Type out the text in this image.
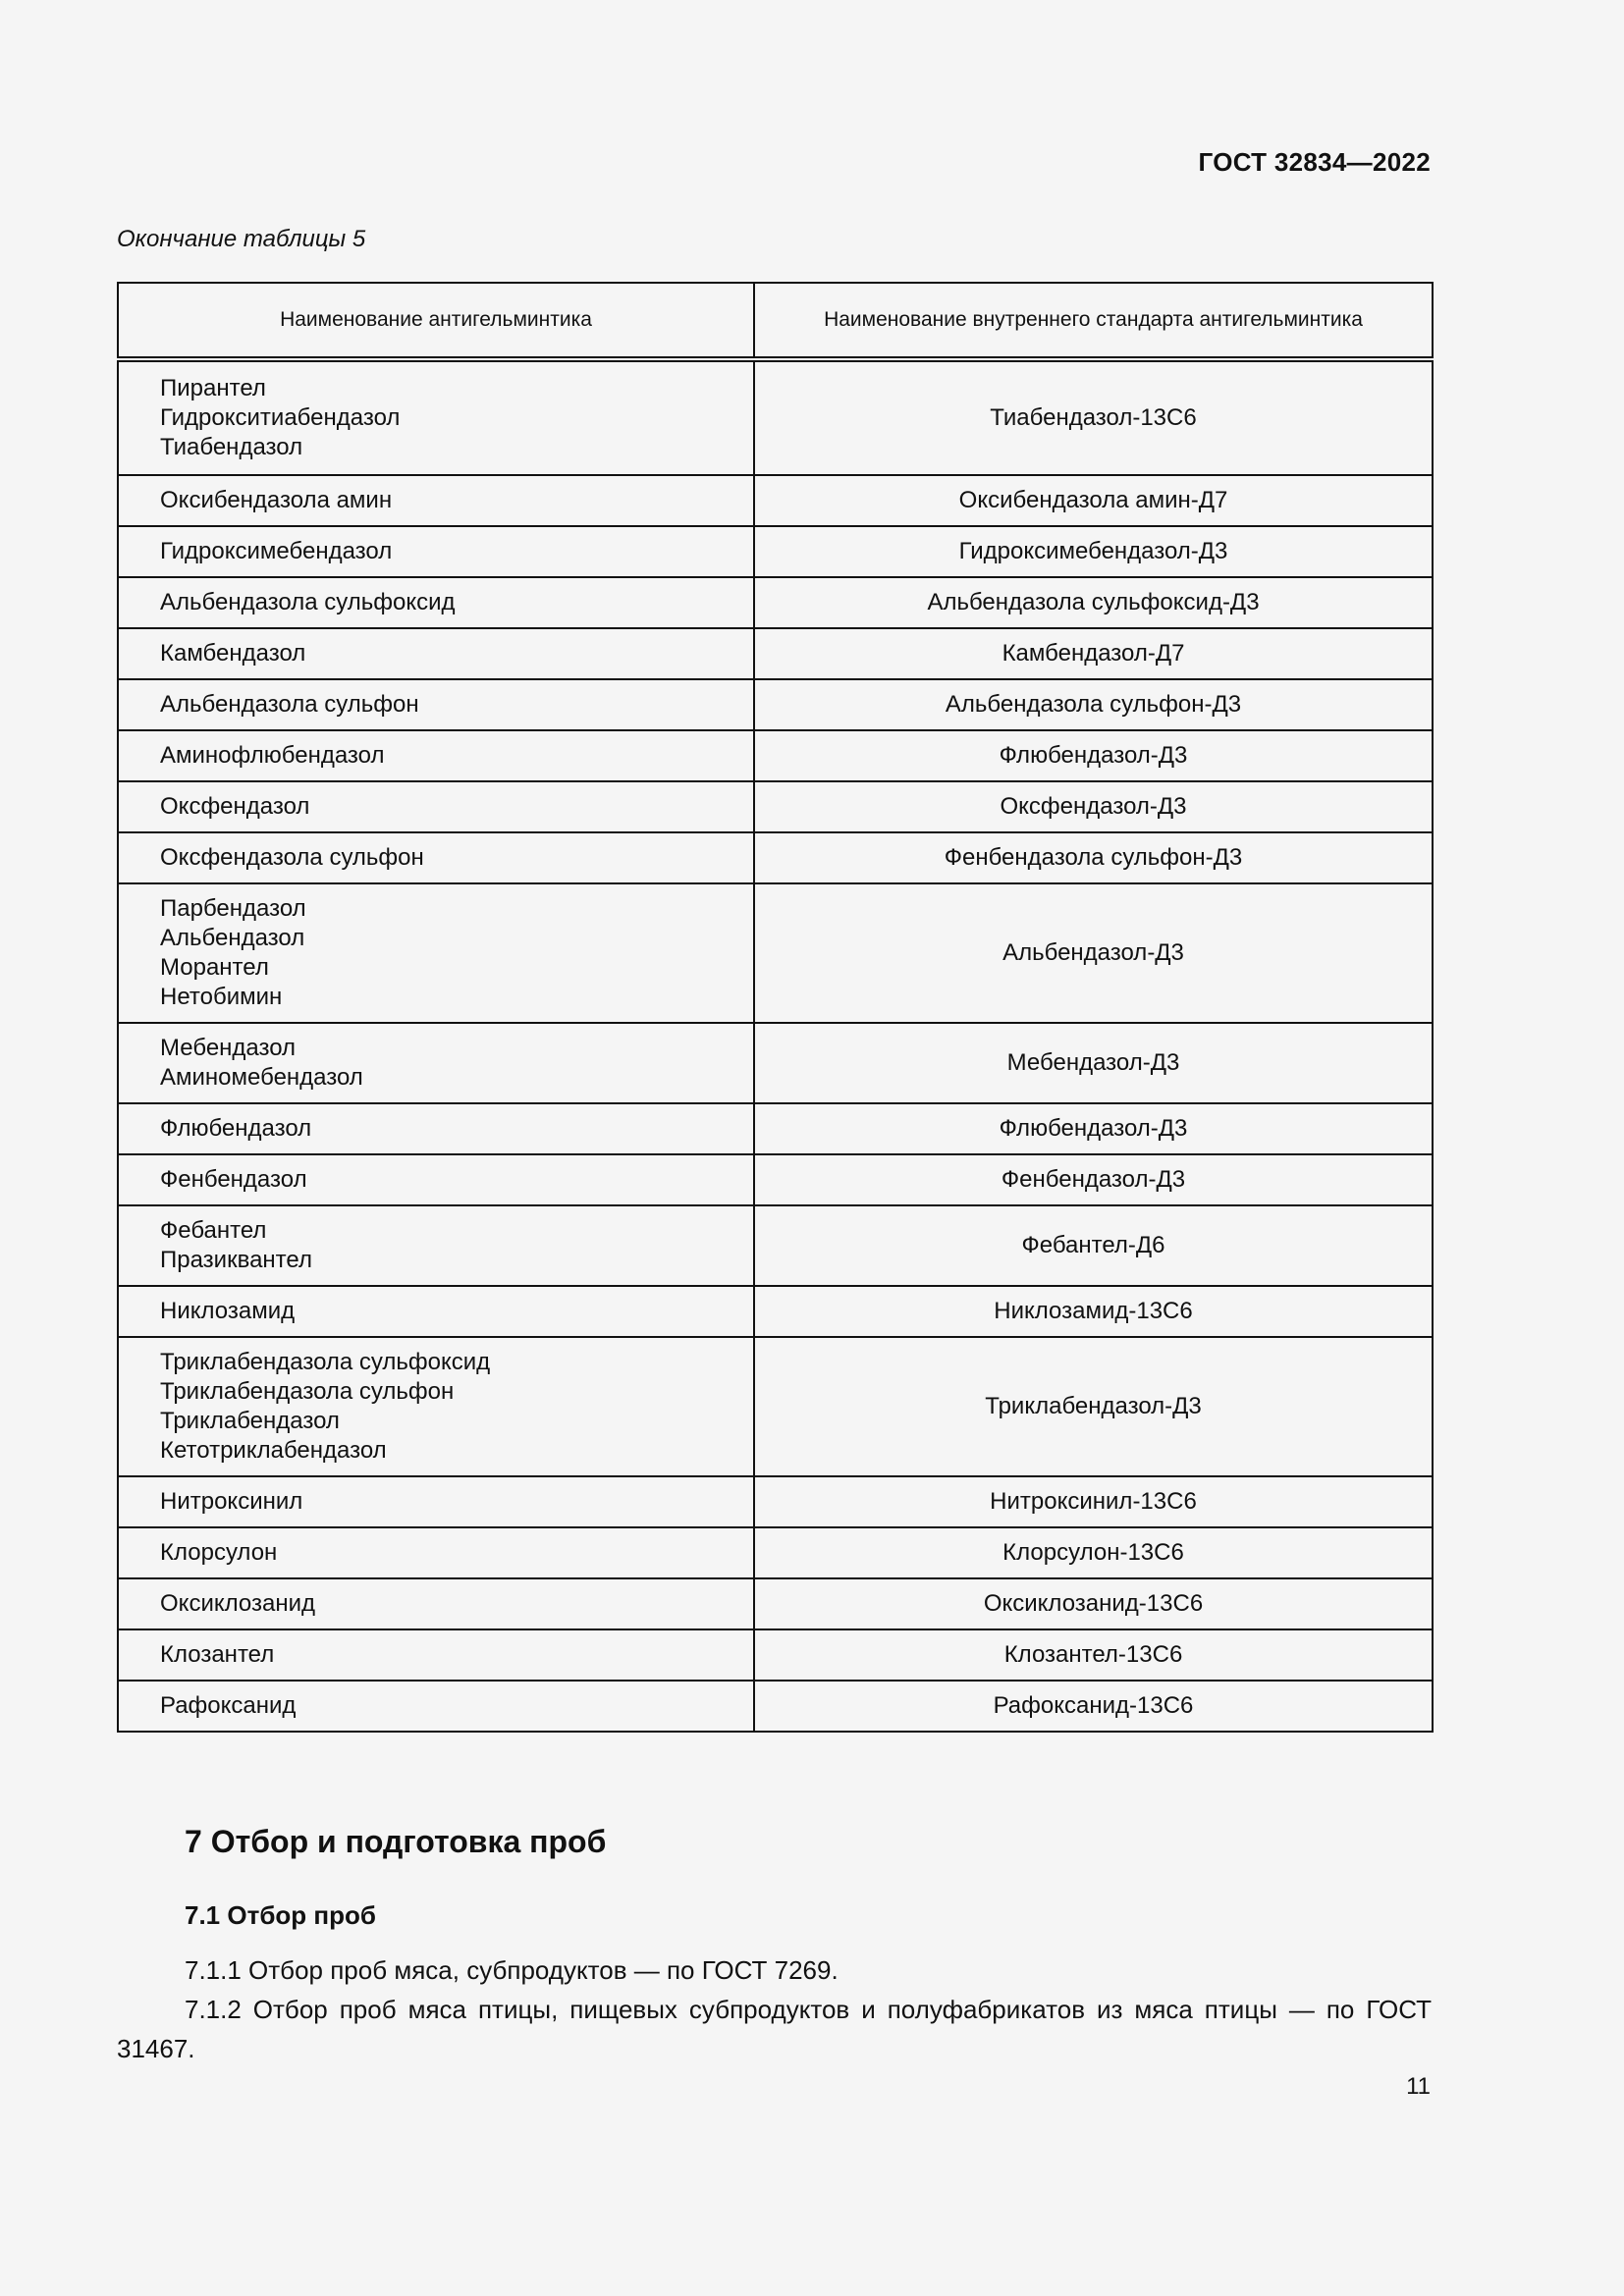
ГОСТ 32834—2022
Окончание таблицы 5
Наименование антигельминтика	Наименование внутреннего стандарта антигельминтика

Пирантел
Гидрокситиабендазол
Тиабендазол	Тиабендазол-13С6

Оксибендазола амин	Оксибендазола амин-Д7

Гидроксимебендазол	Гидроксимебендазол-Д3

Альбендазола сульфоксид	Альбендазола сульфоксид-Д3

Камбендазол	Камбендазол-Д7

Альбендазола сульфон	Альбендазола сульфон-Д3

Аминофлюбендазол	Флюбендазол-Д3

Оксфендазол	Оксфендазол-Д3

Оксфендазола сульфон	Фенбендазола сульфон-Д3

Парбендазол
Альбендазол
Морантел
Нетобимин	Альбендазол-Д3

Мебендазол
Аминомебендазол	Мебендазол-Д3

Флюбендазол	Флюбендазол-Д3

Фенбендазол	Фенбендазол-Д3

Фебантел
Празиквантел	Фебантел-Д6

Никлозамид	Никлозамид-13С6

Триклабендазола сульфоксид
Триклабендазола сульфон
Триклабендазол
Кетотриклабендазол	Триклабендазол-Д3

Нитроксинил	Нитроксинил-13С6

Клорсулон	Клорсулон-13С6

Оксиклозанид	Оксиклозанид-13С6

Клозантел	Клозантел-13С6

Рафоксанид	Рафоксанид-13С6
7 Отбор и подготовка проб
7.1 Отбор проб
7.1.1 Отбор проб мяса, субпродуктов — по ГОСТ 7269.
7.1.2 Отбор проб мяса птицы, пищевых субпродуктов и полуфабрикатов из мяса птицы — по ГОСТ 31467.
11
